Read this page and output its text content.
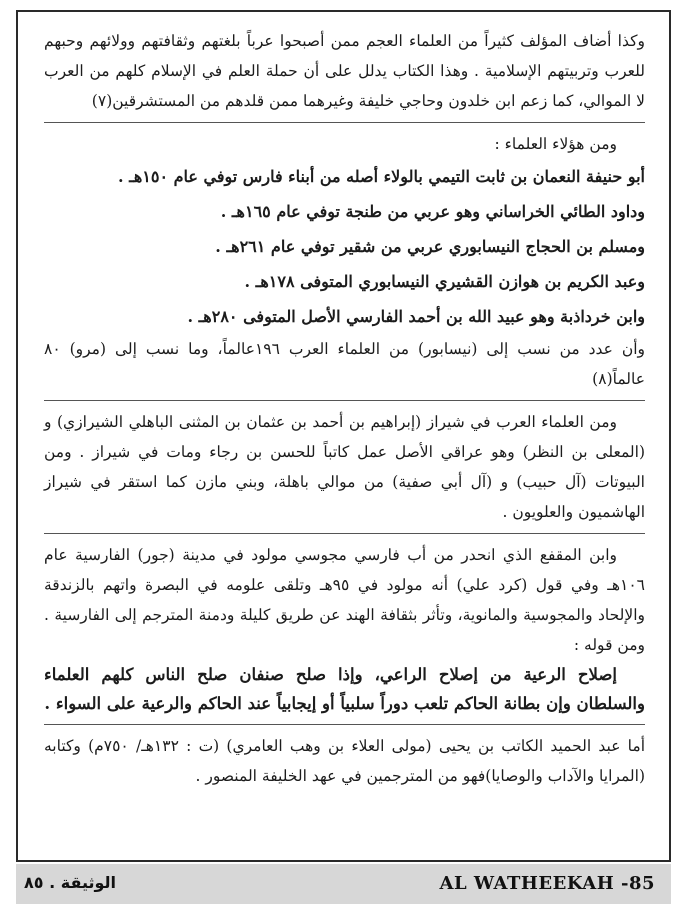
وكذا أضاف المؤلف كثيراً من العلماء العجم ممن أصبحوا عرباً بلغتهم وثقافتهم وولائهم وحبهم للعرب وتربيتهم الإسلامية . وهذا الكتاب يدلل على أن حملة العلم في الإسلام كلهم من العرب لا الموالي، كما زعم ابن خلدون وحاجي خليفة وغيرهما ممن قلدهم من المستشرقين(٧)

ومن هؤلاء العلماء :

أبو حنيفة النعمان بن ثابت التيمي بالولاء أصله من أبناء فارس توفي عام ١٥٠هـ .

وداود الطائي الخراساني وهو عربي من طنجة توفي عام ١٦٥هـ .

ومسلم بن الحجاج النيسابوري عربي من شقير توفي عام ٢٦١هـ .

وعبد الكريم بن هوازن القشيري النيسابوري المتوفى ١٧٨هـ .

وابن خرداذبة وهو عبيد الله بن أحمد الفارسي الأصل المتوفى ٢٨٠هـ .

وأن عدد من نسب إلى (نيسابور) من العلماء العرب ١٩٦عالماً، وما نسب إلى (مرو) ٨٠ عالماً(٨)

ومن العلماء العرب في شيراز (إبراهيم بن أحمد بن عثمان بن المثنى الباهلي الشيرازي) و (المعلى بن النظر) وهو عراقي الأصل عمل كاتباً للحسن بن رجاء ومات في شيراز . ومن البيوتات (آل حبيب) و (آل أبي صفية) من موالي باهلة، وبني مازن كما استقر في شيراز الهاشميون والعلويون .

وابن المقفع الذي انحدر من أب فارسي مجوسي مولود في مدينة (جور) الفارسية عام ١٠٦هـ وفي قول (كرد علي) أنه مولود في ٩٥هـ وتلقى علومه في البصرة واتهم بالزندقة والإلحاد والمجوسية والمانوية، وتأثر بثقافة الهند عن طريق كليلة ودمنة المترجم إلى الفارسية . ومن قوله :

إصلاح الرعية من إصلاح الراعي، وإذا صلح صنفان صلح الناس كلهم العلماء والسلطان وإن بطانة الحاكم تلعب دوراً سلبياً أو إيجابياً عند الحاكم والرعية على السواء .

أما عبد الحميد الكاتب بن يحيى (مولى العلاء بن وهب العامري) (ت : ١٣٢هـ/ ٧٥٠م) وكتابه (المرايا والآداب والوصايا)فهو من المترجمين في عهد الخليفة المنصور .

الوثيقة . ٨٥	AL WATHEEKAH -85
